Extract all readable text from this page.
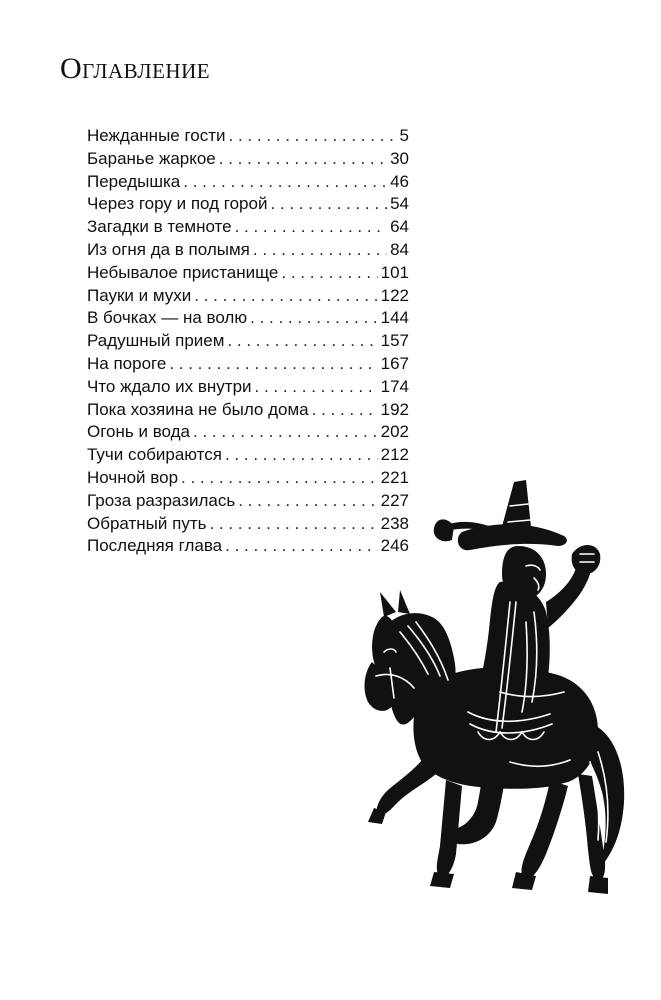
Оглавление
Нежданные гости . . .	5
Баранье жаркое . . .	30
Передышка . . .	46
Через гору и под горой . . .	54
Загадки в темноте . . .	64
Из огня да в полымя . . .	84
Небывалое пристанище . . .	101
Пауки и мухи . . .	122
В бочках — на волю . . .	144
Радушный прием . . .	157
На пороге . . .	167
Что ждало их внутри . . .	174
Пока хозяина не было дома . . .	192
Огонь и вода . . .	202
Тучи собираются . . .	212
Ночной вор . . .	221
Гроза разразилась . . .	227
Обратный путь . . .	238
Последняя глава . . .	246
